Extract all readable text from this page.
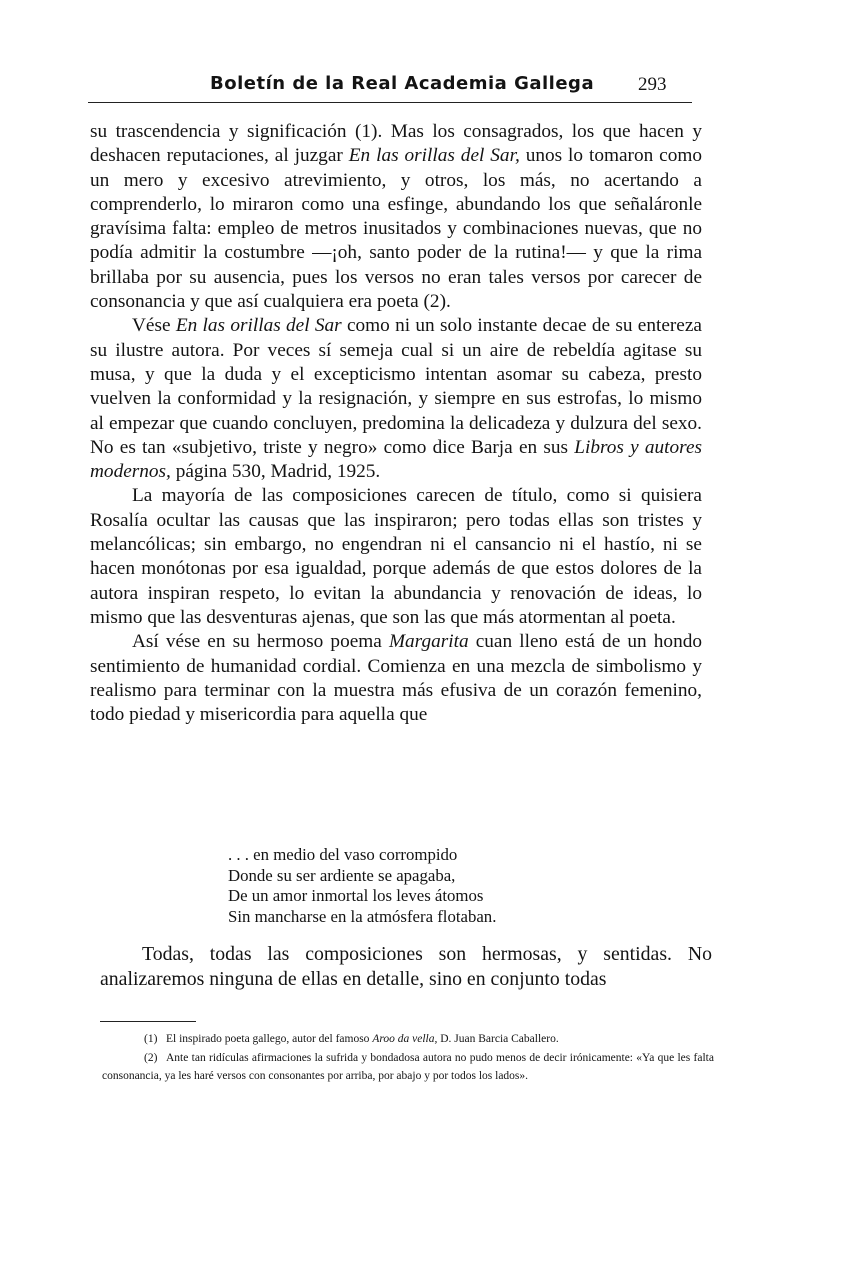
Boletín de la Real Academia Gallega 293

su trascendencia y significación (1). Mas los consagrados, los que hacen y deshacen reputaciones, al juzgar En las orillas del Sar, unos lo tomaron como un mero y excesivo atrevimiento, y otros, los más, no acertando a comprenderlo, lo miraron como una esfinge, abundando los que señaláronle gravísima falta: empleo de metros inusitados y combinaciones nuevas, que no podía admitir la costumbre —¡oh, santo poder de la rutina!— y que la rima brillaba por su ausencia, pues los versos no eran tales versos por carecer de consonancia y que así cualquiera era poeta (2).

Vése En las orillas del Sar como ni un solo instante decae de su entereza su ilustre autora. Por veces sí semeja cual si un aire de rebeldía agitase su musa, y que la duda y el excepticismo intentan asomar su cabeza, presto vuelven la conformidad y la resignación, y siempre en sus estrofas, lo mismo al empezar que cuando concluyen, predomina la delicadeza y dulzura del sexo. No es tan «subjetivo, triste y negro» como dice Barja en sus Libros y autores modernos, página 530, Madrid, 1925.

La mayoría de las composiciones carecen de título, como si quisiera Rosalía ocultar las causas que las inspiraron; pero todas ellas son tristes y melancólicas; sin embargo, no engendran ni el cansancio ni el hastío, ni se hacen monótonas por esa igualdad, porque además de que estos dolores de la autora inspiran respeto, lo evitan la abundancia y renovación de ideas, lo mismo que las desventuras ajenas, que son las que más atormentan al poeta.

Así vése en su hermoso poema Margarita cuan lleno está de un hondo sentimiento de humanidad cordial. Comienza en una mezcla de simbolismo y realismo para terminar con la muestra más efusiva de un corazón femenino, todo piedad y misericordia para aquella que

. . . en medio del vaso corrompido
Donde su ser ardiente se apagaba,
De un amor inmortal los leves átomos
Sin mancharse en la atmósfera flotaban.

Todas, todas las composiciones son hermosas, y sentidas. No analizaremos ninguna de ellas en detalle, sino en conjunto todas

(1) El inspirado poeta gallego, autor del famoso Aroo da vella, D. Juan Barcia Caballero.

(2) Ante tan ridículas afirmaciones la sufrida y bondadosa autora no pudo menos de decir irónicamente: «Ya que les falta consonancia, ya les haré versos con consonantes por arriba, por abajo y por todos los lados».
